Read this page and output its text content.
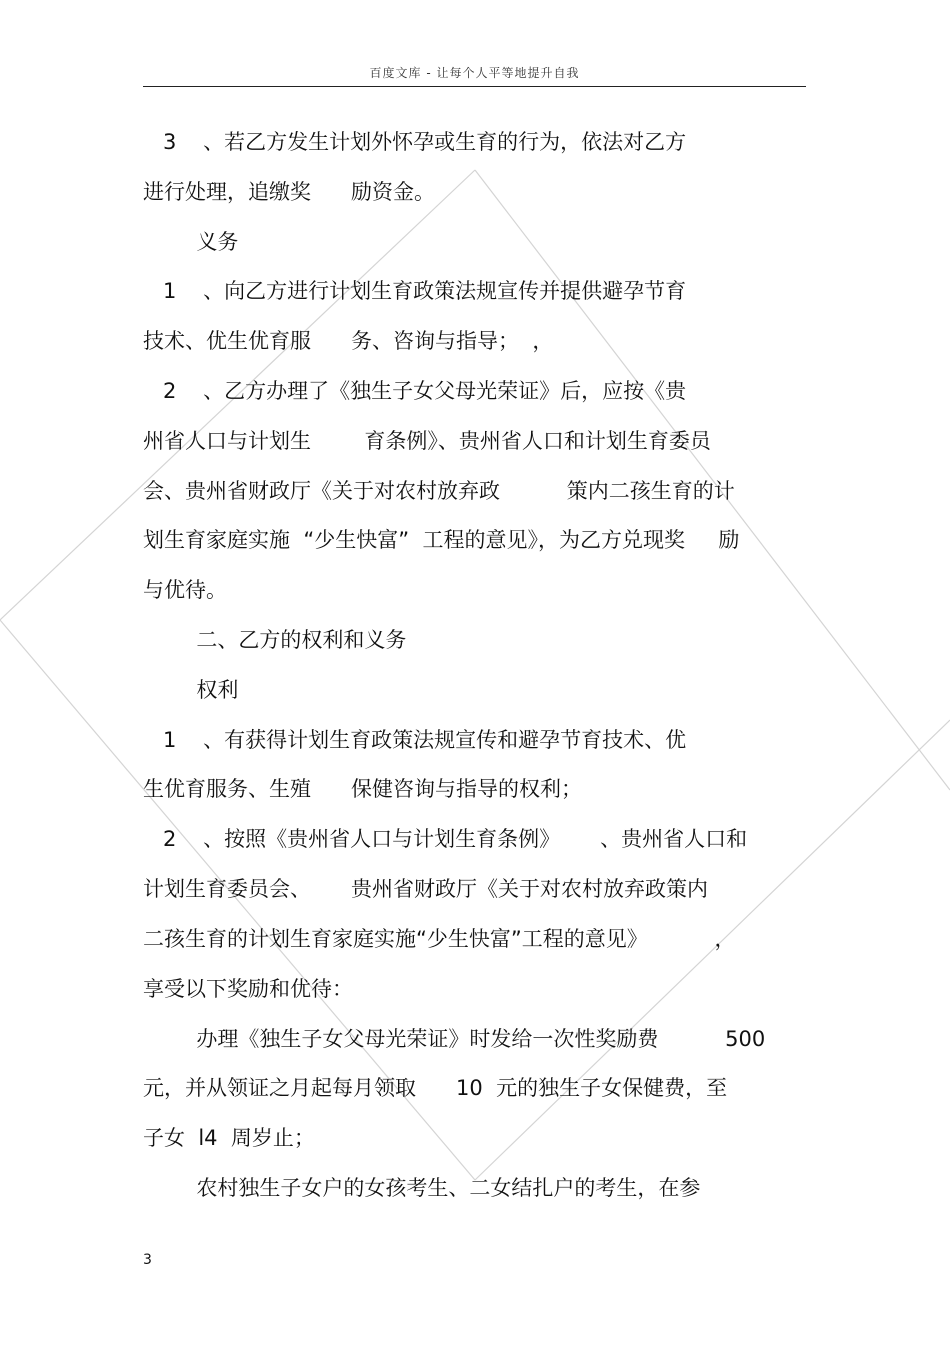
百度文库 - 让每个人平等地提升自我

3    、若乙方发生计划外怀孕或生育的行为，依法对乙方

进行处理，追缴奖      励资金。

义务

1    、向乙方进行计划生育政策法规宣传并提供避孕节育

技术、优生优育服      务、咨询与指导；  ，

2    、乙方办理了《独生子女父母光荣证》后，应按《贵

州省人口与计划生        育条例》、贵州省人口和计划生育委员

会、贵州省财政厅《关于对农村放弃政          策内二孩生育的计

划生育家庭实施  “少生快富”  工程的意见》，为乙方兑现奖     励

与优待。

二、乙方的权利和义务

权利

1    、有获得计划生育政策法规宣传和避孕节育技术、优

生优育服务、生殖      保健咨询与指导的权利；

2    、按照《贵州省人口与计划生育条例》      、贵州省人口和

计划生育委员会、      贵州省财政厅《关于对农村放弃政策内

二孩生育的计划生育家庭实施“少生快富”工程的意见》          ，

享受以下奖励和优待：

办理《独生子女父母光荣证》时发给一次性奖励费          500

元，并从领证之月起每月领取      10  元的独生子女保健费，至

子女  l4  周岁止；

农村独生子女户的女孩考生、二女结扎户的考生，在参

3
